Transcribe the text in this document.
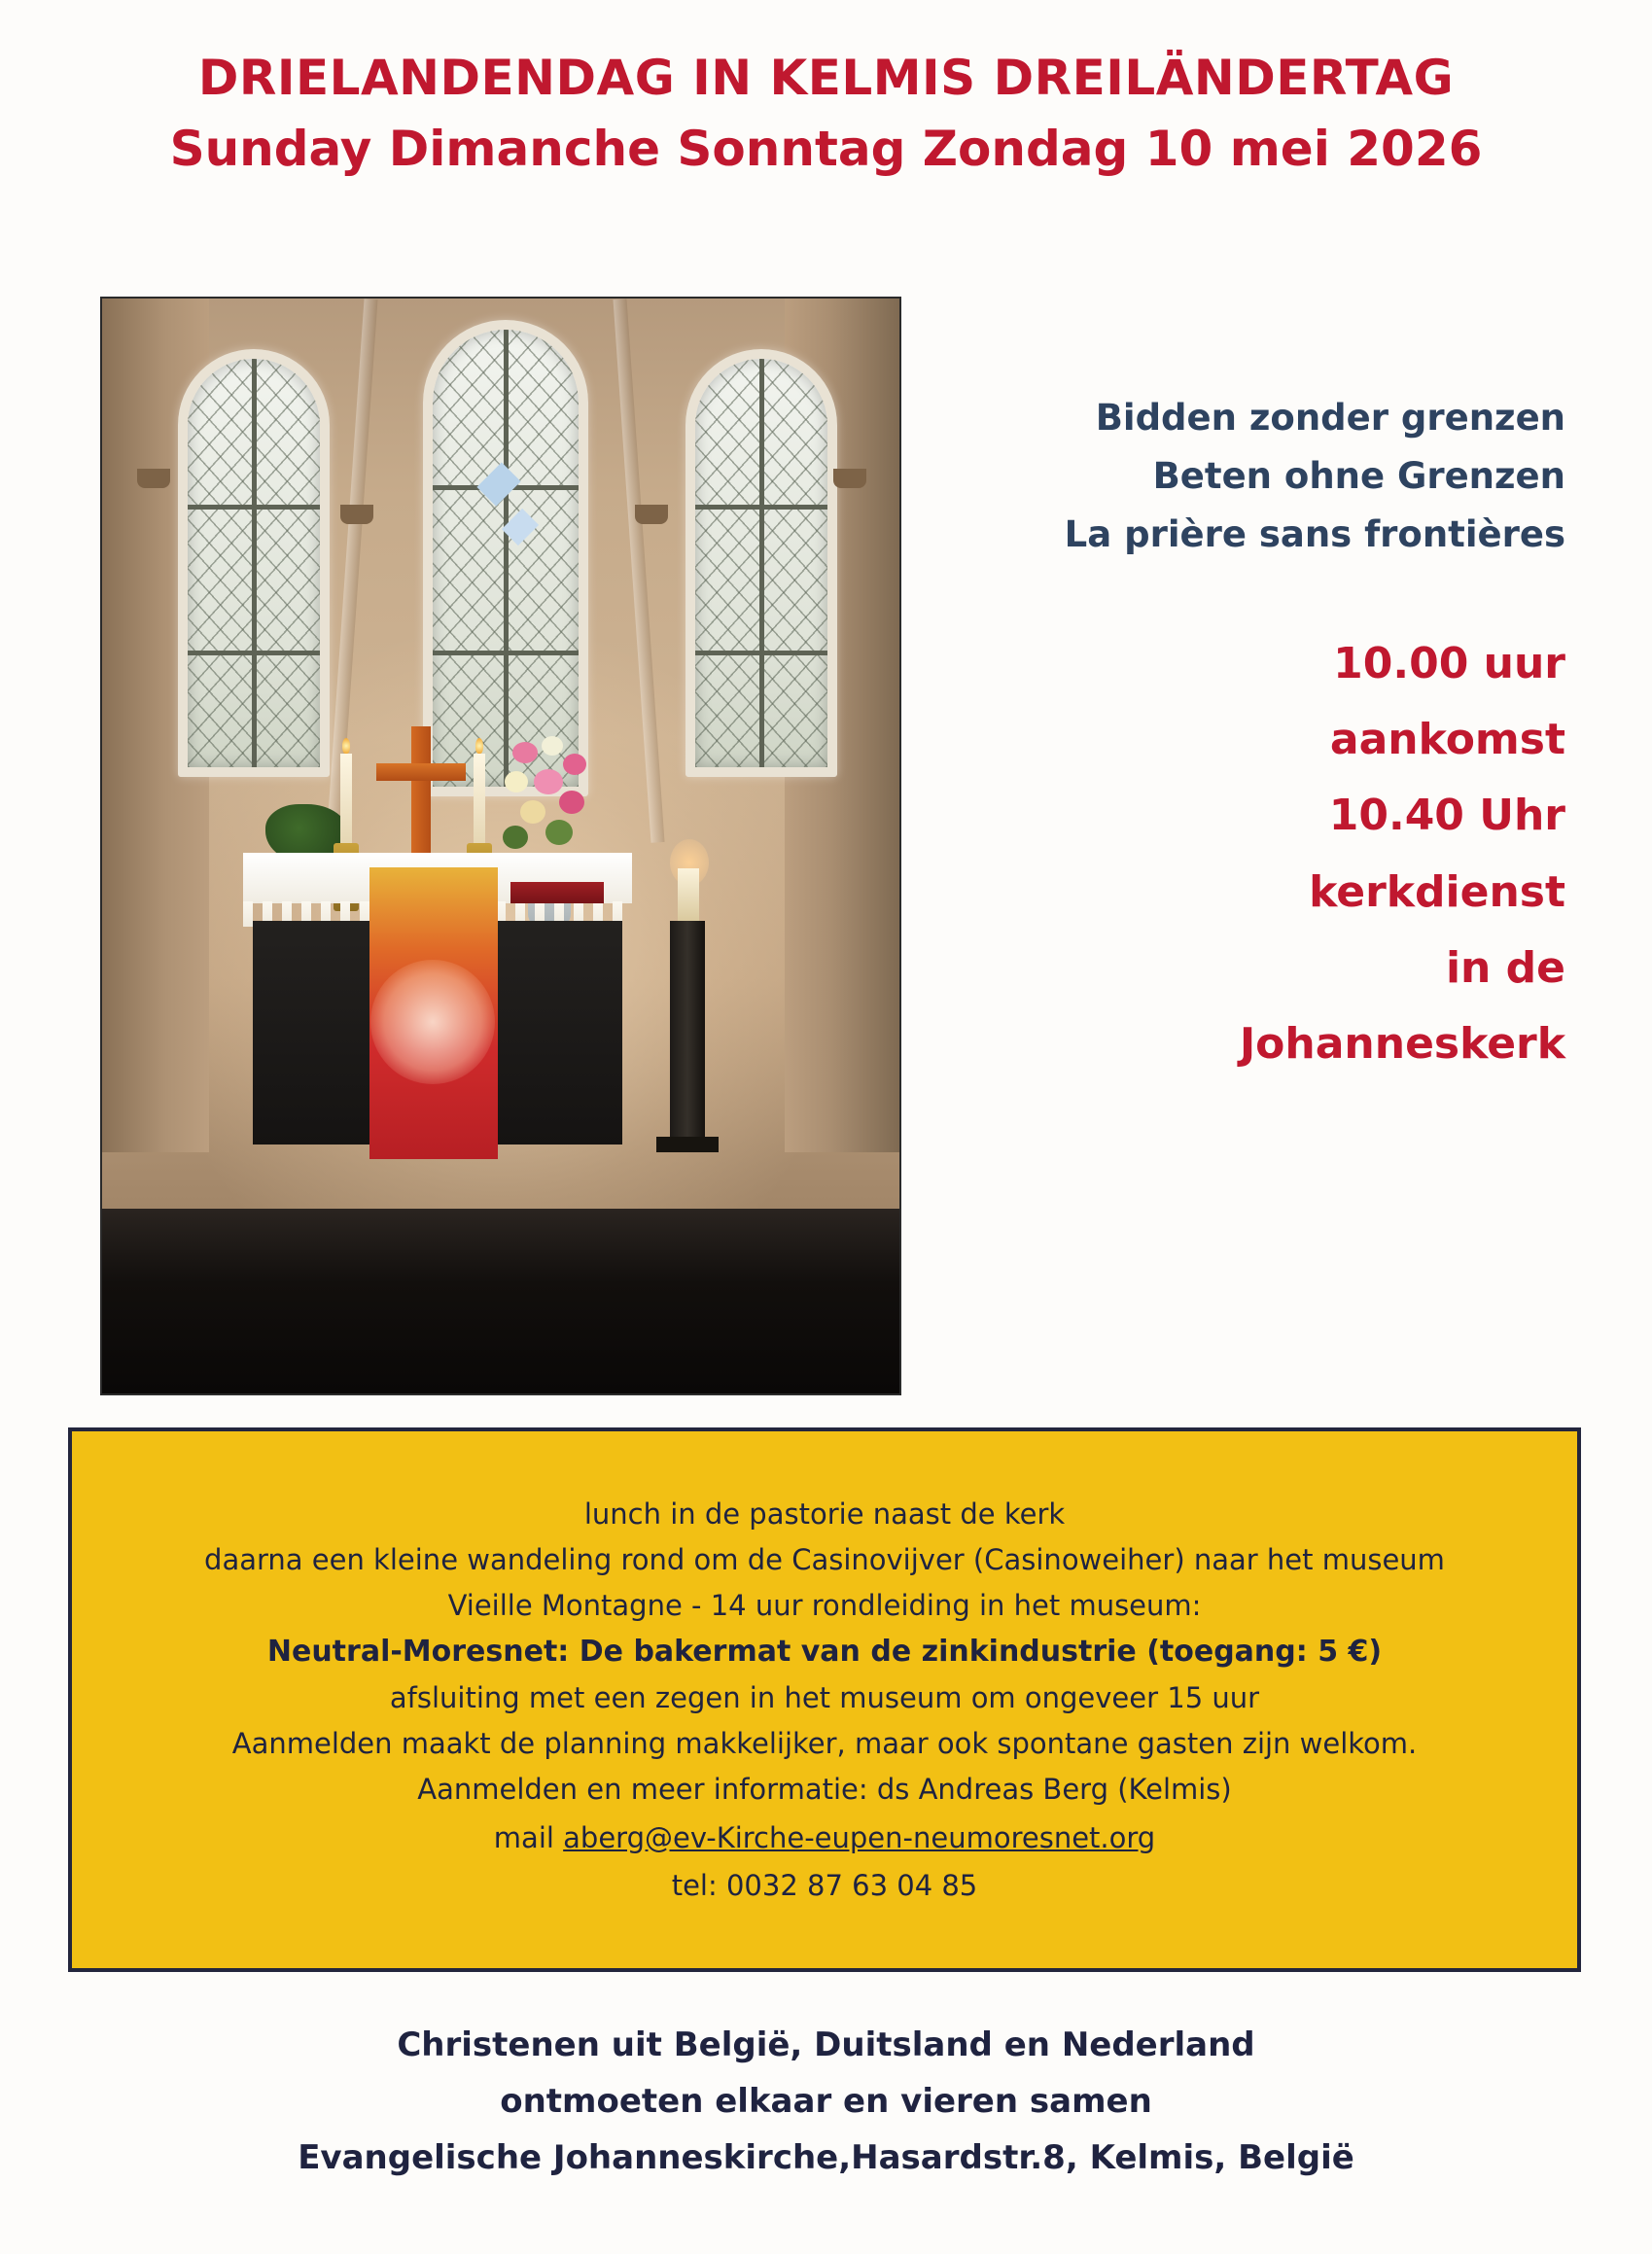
DRIELANDENDAG IN KELMIS DREILÄNDERTAG
Sunday Dimanche Sonntag Zondag 10 mei 2026
Bidden zonder grenzen
Beten ohne Grenzen
La prière sans frontières
10.00 uur
aankomst
10.40 Uhr
kerkdienst
in de
Johanneskerk
lunch in de pastorie naast de kerk
daarna een kleine wandeling rond om de Casinovijver (Casinoweiher) naar het museum
Vieille Montagne - 14 uur rondleiding in het museum:
Neutral-Moresnet: De bakermat van de zinkindustrie (toegang: 5 €)
afsluiting met een zegen in het museum om ongeveer 15 uur
Aanmelden maakt de planning makkelijker, maar ook spontane gasten zijn welkom.
Aanmelden en meer informatie: ds Andreas Berg (Kelmis)
mail aberg@ev-Kirche-eupen-neumoresnet.org
tel: 0032 87 63 04 85
Christenen uit België, Duitsland en Nederland
ontmoeten elkaar en vieren samen
Evangelische Johanneskirche,Hasardstr.8, Kelmis, België
